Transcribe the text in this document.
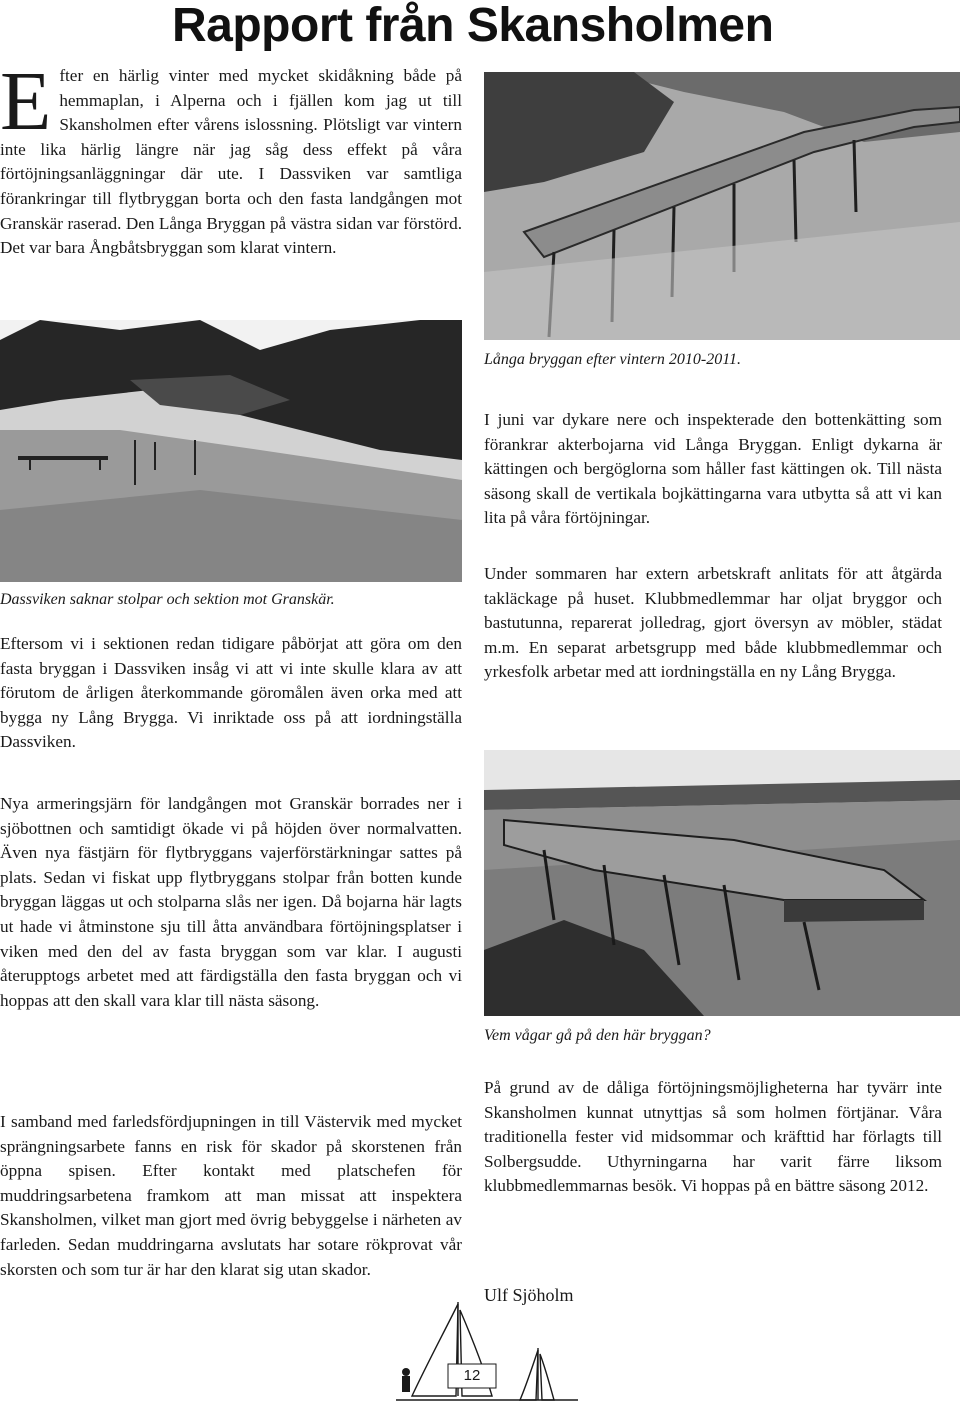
Rapport från Skansholmen

Efter en härlig vinter med mycket skidåkning både på hemmaplan, i Alperna och i fjällen kom jag ut till Skansholmen efter vårens islossning. Plötsligt var vintern inte lika härlig längre när jag såg dess effekt på våra förtöjningsanläggningar där ute. I Dassviken var samtliga förankringar till flytbryggan borta och den fasta landgången mot Granskär raserad. Den Långa Bryggan på västra sidan var förstörd. Det var bara Ångbåtsbryggan som klarat vintern.

Långa bryggan efter vintern 2010-2011.
Dassviken saknar stolpar och sektion mot Granskär.

Eftersom vi i sektionen redan tidigare påbörjat att göra om den fasta bryggan i Dassviken insåg vi att vi inte skulle klara av att förutom de årligen återkommande göromålen även orka med att bygga ny Lång Brygga. Vi inriktade oss på att iordningställa Dassviken.

Nya armeringsjärn för landgången mot Granskär borrades ner i sjöbottnen och samtidigt ökade vi på höjden över normalvatten. Även nya fästjärn för flytbryggans vajerförstärkningar sattes på plats. Sedan vi fiskat upp flytbryggans stolpar från botten kunde bryggan läggas ut och stolparna slås ner igen. Då bojarna här lagts ut hade vi åtminstone sju till åtta användbara förtöjningsplatser i viken med den del av fasta bryggan som var klar. I augusti återupptogs arbetet med att färdigställa den fasta bryggan och vi hoppas att den skall vara klar till nästa säsong.

I samband med farledsfördjupningen in till Västervik med mycket sprängningsarbete fanns en risk för skador på skorstenen från öppna spisen. Efter kontakt med platschefen för muddringsarbetena framkom att man missat att inspektera Skansholmen, vilket man gjort med övrig bebyggelse i närheten av farleden. Sedan muddringarna avslutats har sotare rökprovat vår skorsten och som tur är har den klarat sig utan skador.

I juni var dykare nere och inspekterade den bottenkätting som förankrar akterbojarna vid Långa Bryggan. Enligt dykarna är kättingen och bergöglorna som håller fast kättingen ok. Till nästa säsong skall de vertikala bojkättingarna vara utbytta så att vi kan lita på våra förtöjningar.

Under sommaren har extern arbetskraft anlitats för att åtgärda takläckage på huset. Klubbmedlemmar har oljat bryggor och bastutunna, reparerat jolledrag, gjort översyn av möbler, städat m.m. En separat arbetsgrupp med både klubbmedlemmar och yrkesfolk arbetar med att iordningställa en ny Lång Brygga.

Vem vågar gå på den här bryggan?

På grund av de dåliga förtöjningsmöjligheterna har tyvärr inte Skansholmen kunnat utnyttjas så som holmen förtjänar. Våra traditionella fester vid midsommar och kräfttid har förlagts till Solbergsudde. Uthyrningarna har varit färre liksom klubbmedlemmarnas besök. Vi hoppas på en bättre säsong 2012.

Ulf Sjöholm
12
